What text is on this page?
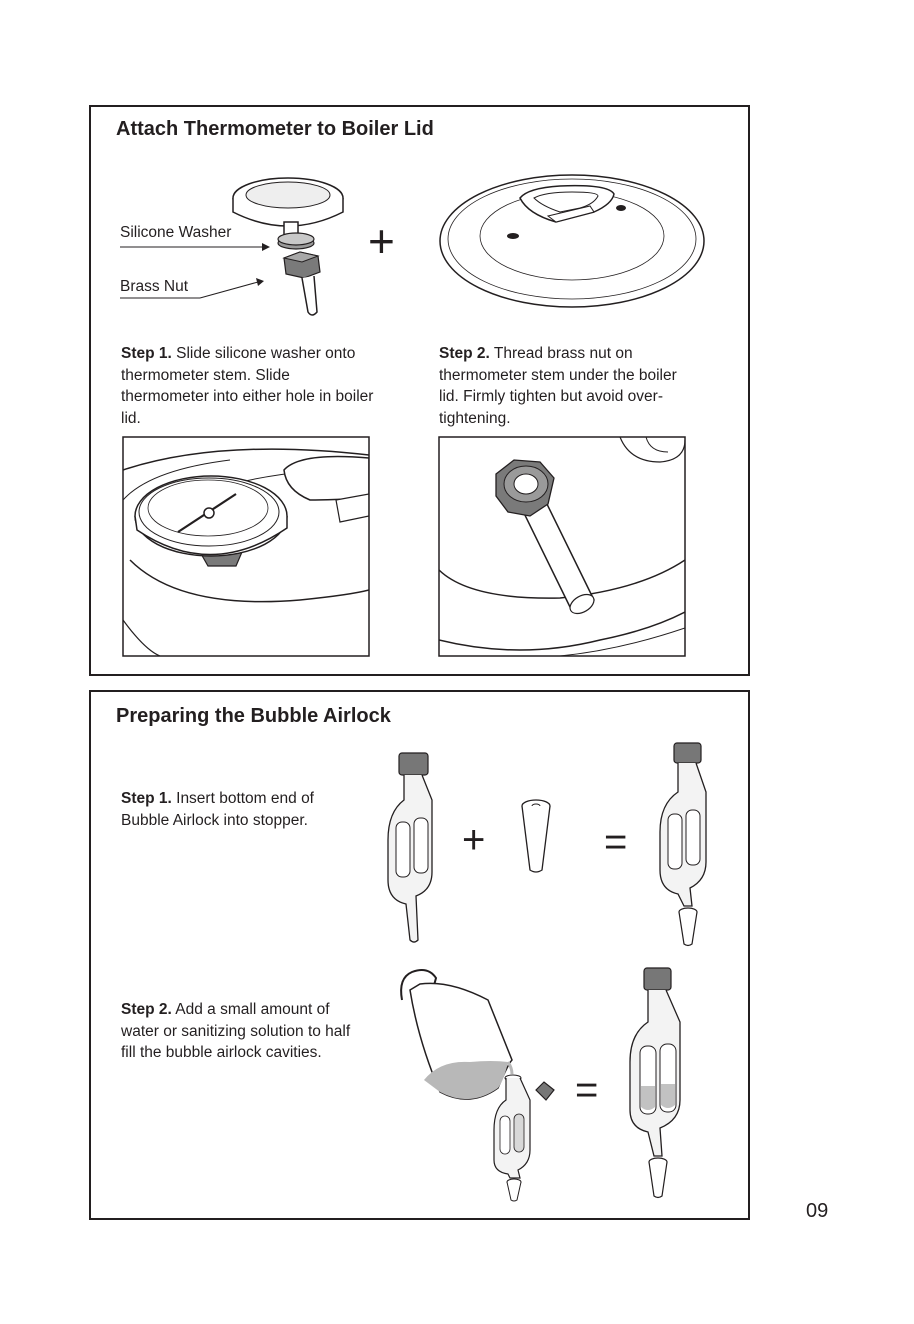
Attach Thermometer to Boiler Lid
Silicone Washer
Brass Nut
+
Step 1. Slide silicone washer onto thermometer stem. Slide thermometer into either hole in boiler lid.
Step 2. Thread brass nut on thermometer stem under the boiler lid. Firmly tighten but avoid over-tightening.
Preparing the Bubble Airlock
Step 1. Insert bottom end of Bubble Airlock into stopper.
Step 2. Add a small amount of water or sanitizing solution to half fill the bubble airlock cavities.
+	=
=
09
